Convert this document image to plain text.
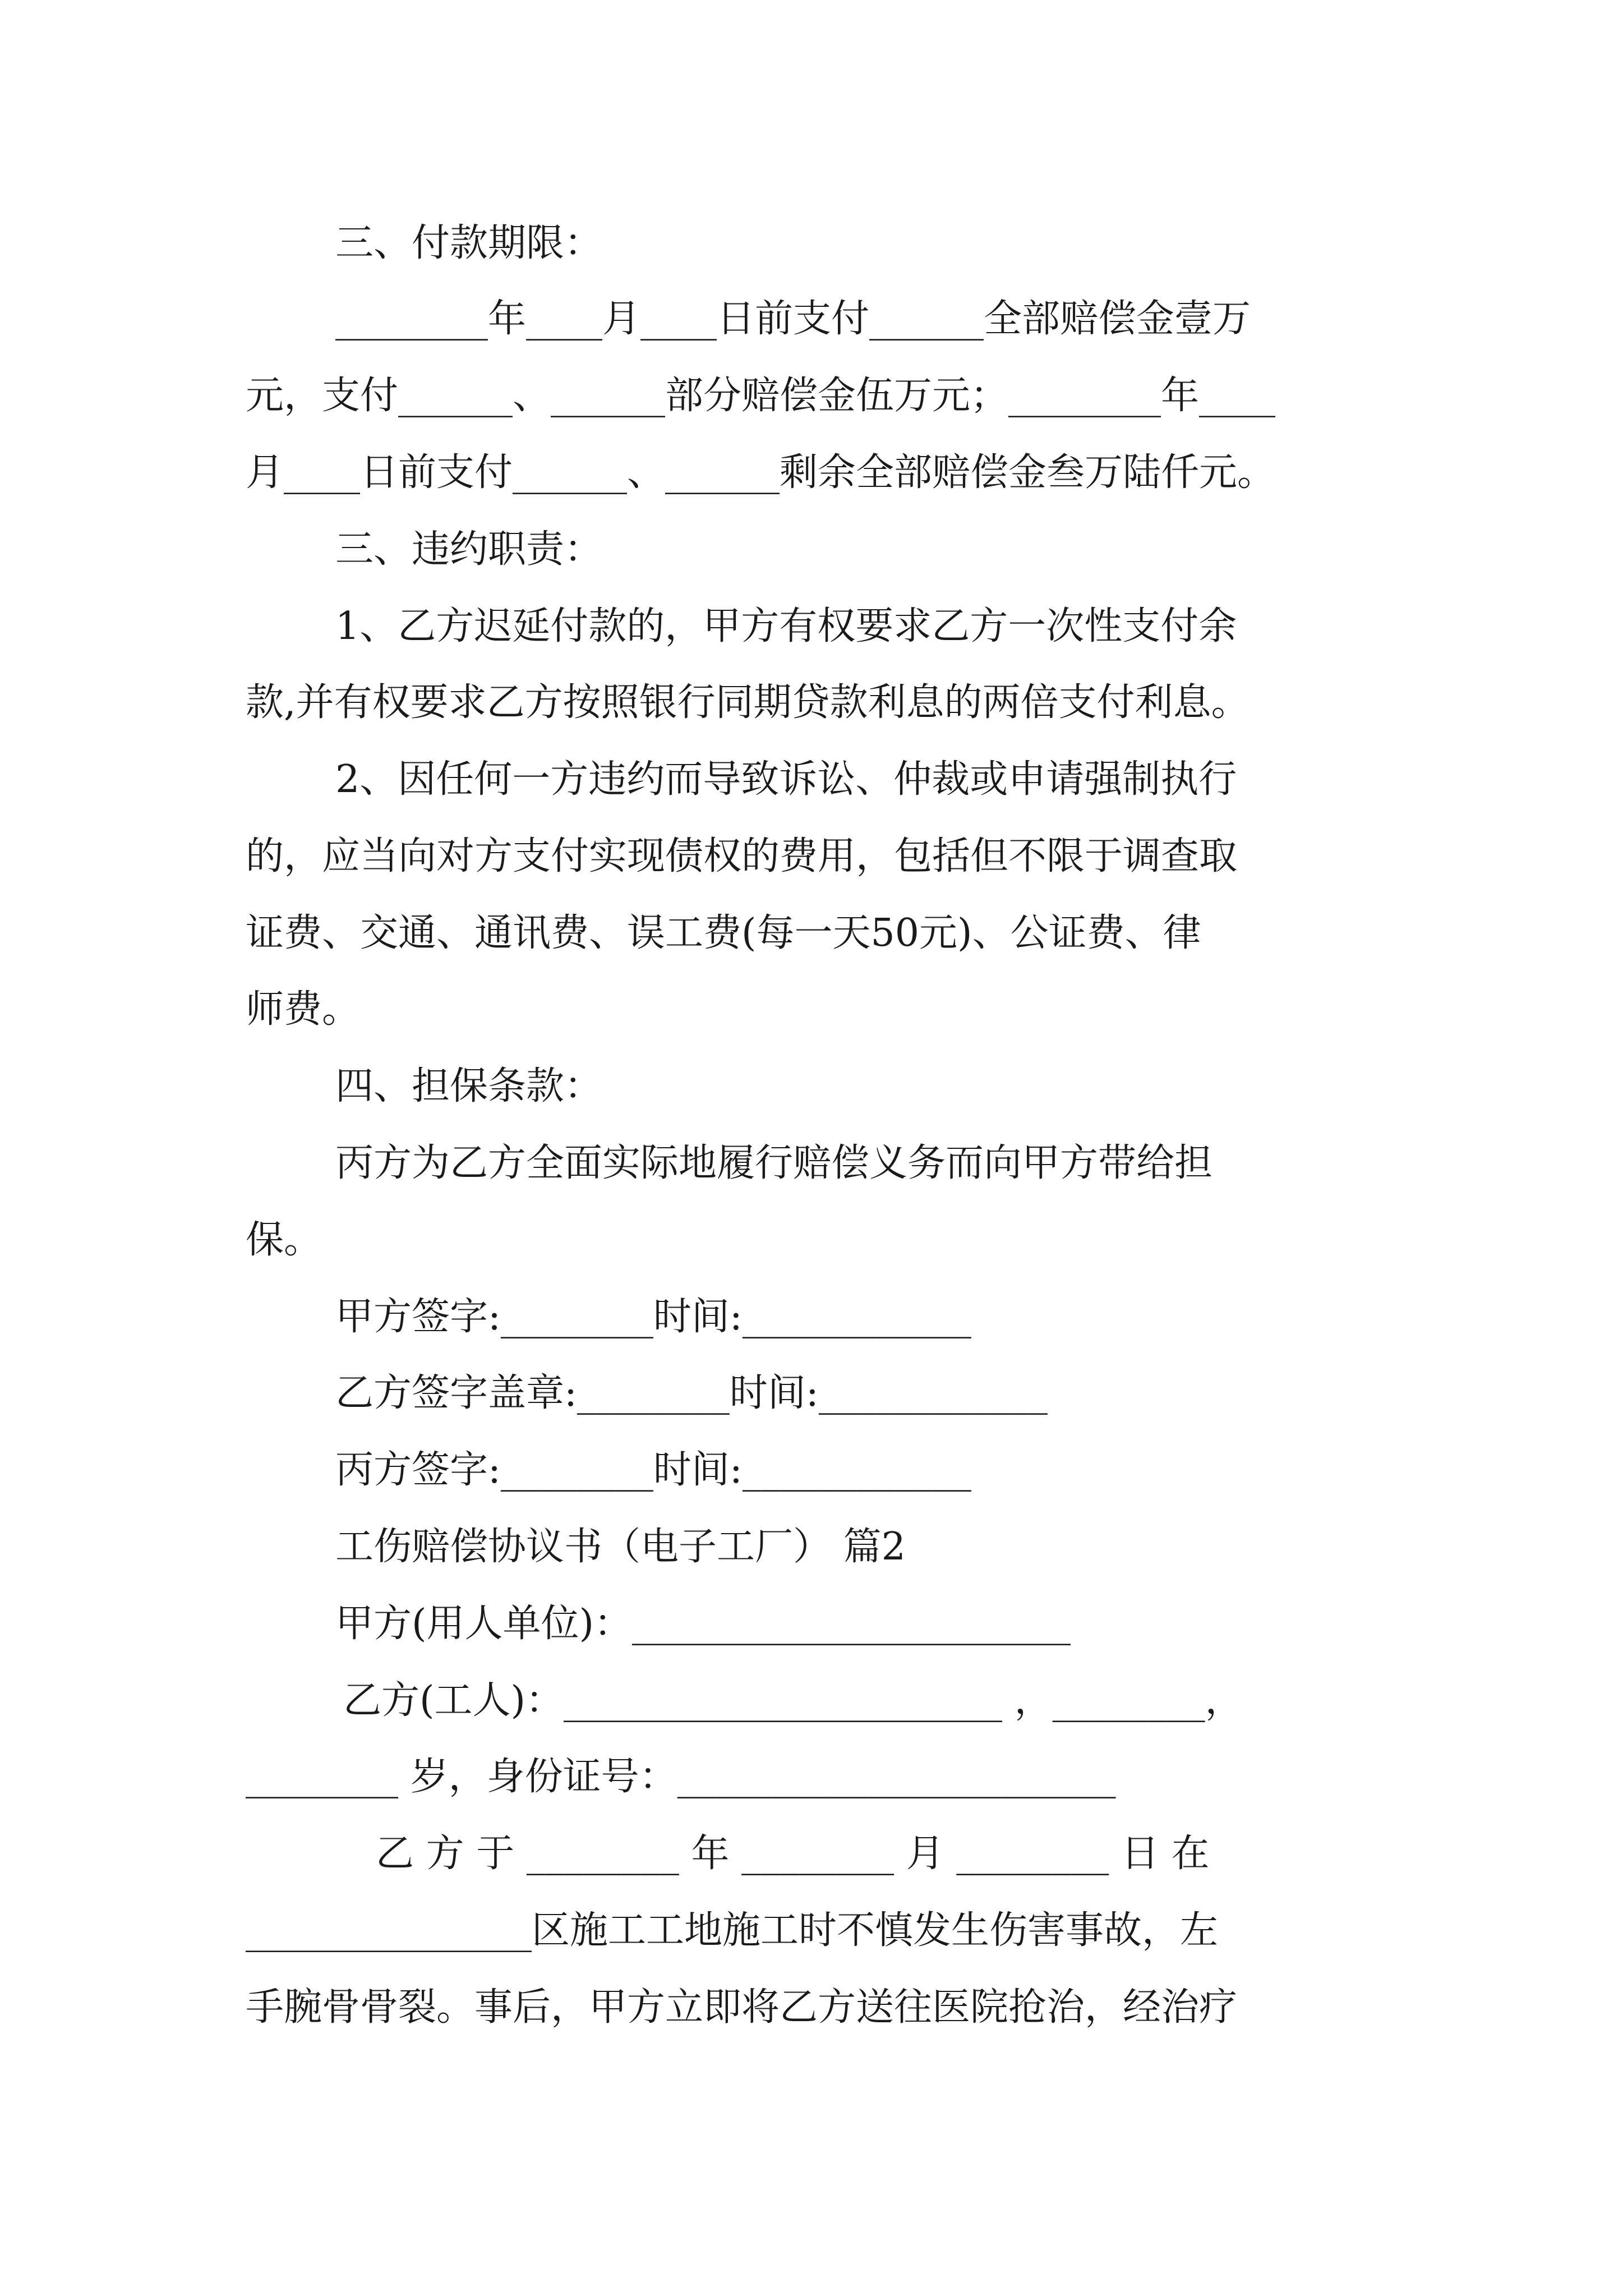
三、付款期限：
________年____月____日前支付______全部赔偿金壹万
元，支付______、______部分赔偿金伍万元；________年____
月____日前支付______、______剩余全部赔偿金叁万陆仟元。
三、违约职责：
1、乙方迟延付款的，甲方有权要求乙方一次性支付余
款,并有权要求乙方按照银行同期贷款利息的两倍支付利息。
2、因任何一方违约而导致诉讼、仲裁或申请强制执行
的，应当向对方支付实现债权的费用，包括但不限于调查取
证费、交通、通讯费、误工费(每一天50元)、公证费、律
师费。
四、担保条款：
丙方为乙方全面实际地履行赔偿义务而向甲方带给担
保。
甲方签字:________时间:____________
乙方签字盖章:________时间:____________
丙方签字:________时间:____________
工伤赔偿协议书（电子工厂） 篇2
甲方(用人单位)：_______________________
乙方(工人)：_______________________ ，________，
________ 岁，身份证号：_______________________
乙 方 于 ________ 年 ________ 月 ________ 日 在
_______________区施工工地施工时不慎发生伤害事故，左
手腕骨骨裂。事后，甲方立即将乙方送往医院抢治，经治疗
